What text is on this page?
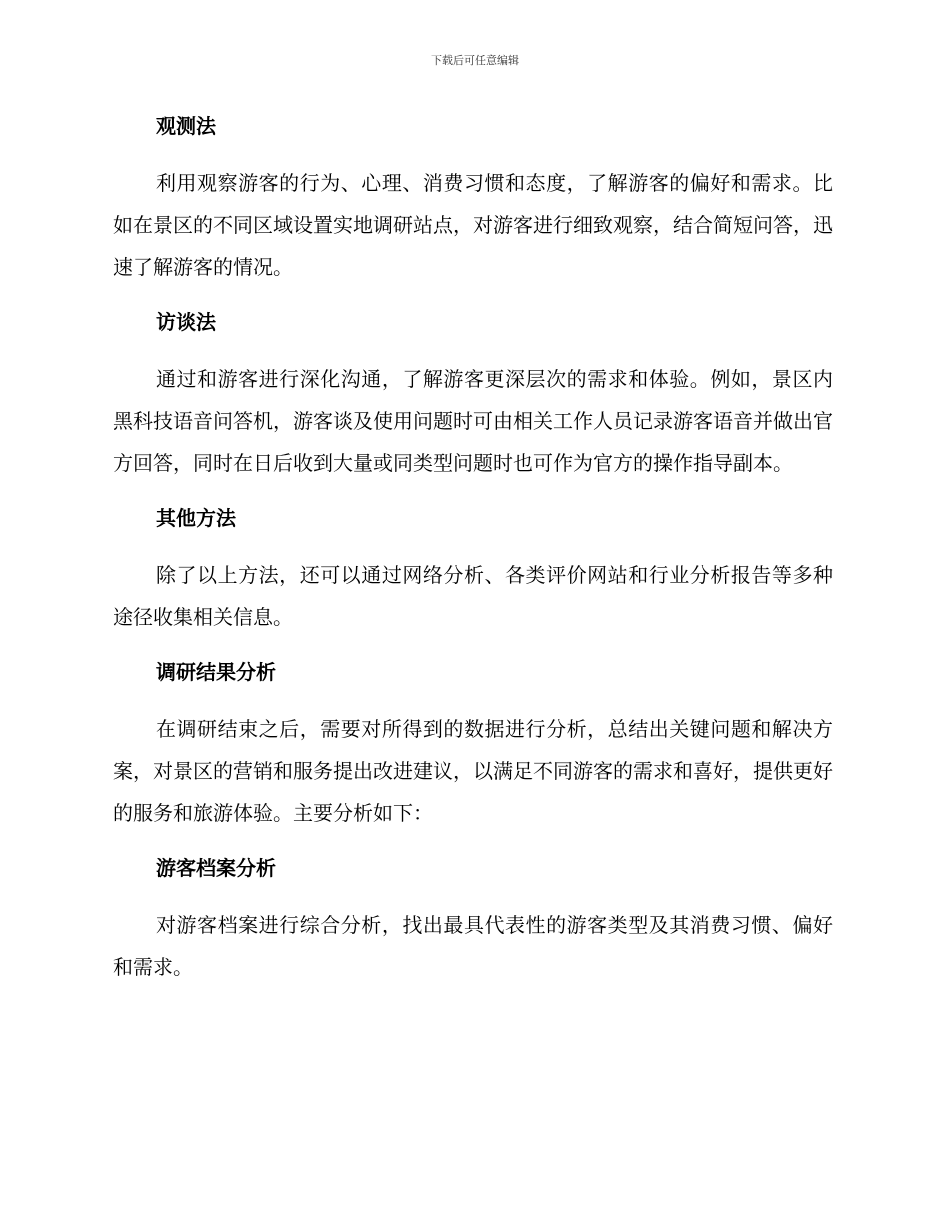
下载后可任意编辑
观测法

利用观察游客的行为、心理、消费习惯和态度，了解游客的偏好和需求。比如在景区的不同区域设置实地调研站点，对游客进行细致观察，结合简短问答，迅速了解游客的情况。

访谈法

通过和游客进行深化沟通，了解游客更深层次的需求和体验。例如，景区内黑科技语音问答机，游客谈及使用问题时可由相关工作人员记录游客语音并做出官方回答，同时在日后收到大量或同类型问题时也可作为官方的操作指导副本。

其他方法

除了以上方法，还可以通过网络分析、各类评价网站和行业分析报告等多种途径收集相关信息。

调研结果分析

在调研结束之后，需要对所得到的数据进行分析，总结出关键问题和解决方案，对景区的营销和服务提出改进建议，以满足不同游客的需求和喜好，提供更好的服务和旅游体验。主要分析如下：

游客档案分析

对游客档案进行综合分析，找出最具代表性的游客类型及其消费习惯、偏好和需求。
